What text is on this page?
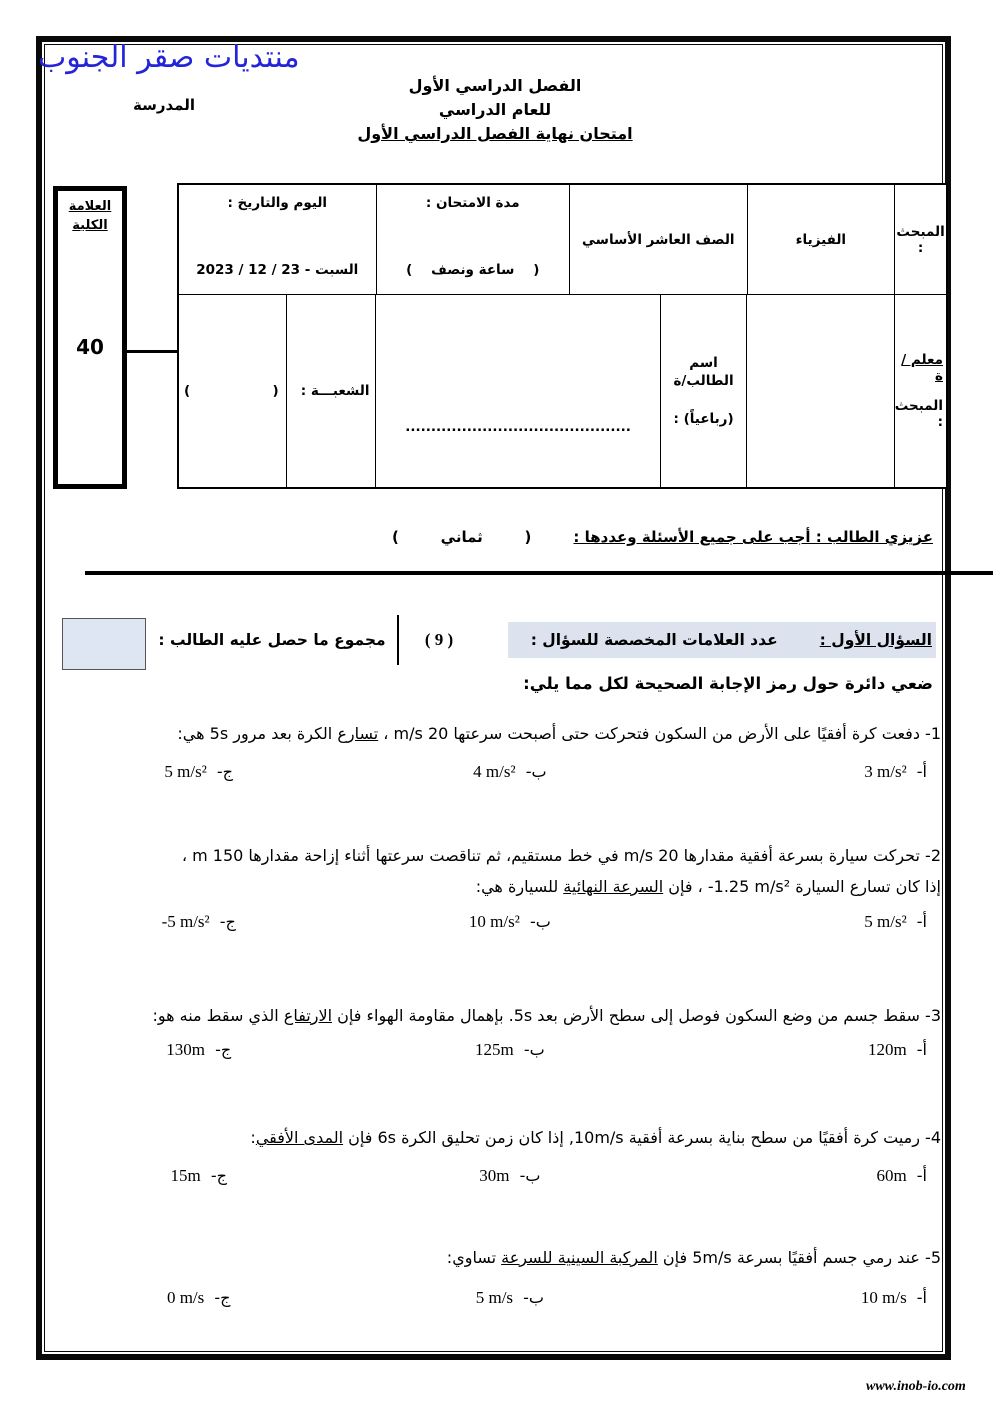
منتديات صقر الجنوب
المدرسة
الفصل الدراسي الأول
للعام الدراسي
امتحان نهاية الفصل الدراسي الأول
المبحث :
الفيزياء
الصف العاشر الأساسي
مدة الامتحان :
(    ساعة ونصف    )
اليوم والتاريخ :
السبت - 23 / 12 / 2023
معلم / ة
المبحث :
اسم
الطالب/ة
(رباعياً) :
............................................
الشعبـــة :
(            )
العلامة
الكلية
40
عزيزي الطالب : أجب على جميع الأسئلة وعددها :(        ثماني        )
السؤال الأول :
عدد العلامات المخصصة للسؤال :
( 9 )
مجموع ما حصل عليه الطالب :
ضعي دائرة حول رمز الإجابة الصحيحة لكل مما يلي:
1- دفعت كرة أفقيًا على الأرض من السكون فتحركت حتى أصبحت سرعتها 20 m/s ، تسارع الكرة بعد مرور 5s هي:
أ- 3 m/s²
ب- 4 m/s²
ج- 5 m/s²
2- تحركت سيارة بسرعة أفقية مقدارها 20 m/s في خط مستقيم، ثم تناقصت سرعتها أثناء إزاحة مقدارها 150 m ،
إذا كان تسارع السيارة ‎-1.25 m/s²‎ ، فإن السرعة النهائية للسيارة هي:
أ- 5 m/s²
ب- 10 m/s²
ج- -5 m/s²
3- سقط جسم من وضع السكون فوصل إلى سطح الأرض بعد 5s. بإهمال مقاومة الهواء فإن الارتفاع الذي سقط منه هو:
أ- 120m
ب- 125m
ج- 130m
4- رميت كرة أفقيًا من سطح بناية بسرعة أفقية 10m/s, إذا كان زمن تحليق الكرة 6s فإن المدى الأفقي:
أ- 60m
ب- 30m
ج- 15m
5- عند رمي جسم أفقيًا بسرعة 5m/s فإن المركبة السينية للسرعة تساوي:
أ- 10 m/s
ب- 5 m/s
ج- 0 m/s
www.inob-io.com
